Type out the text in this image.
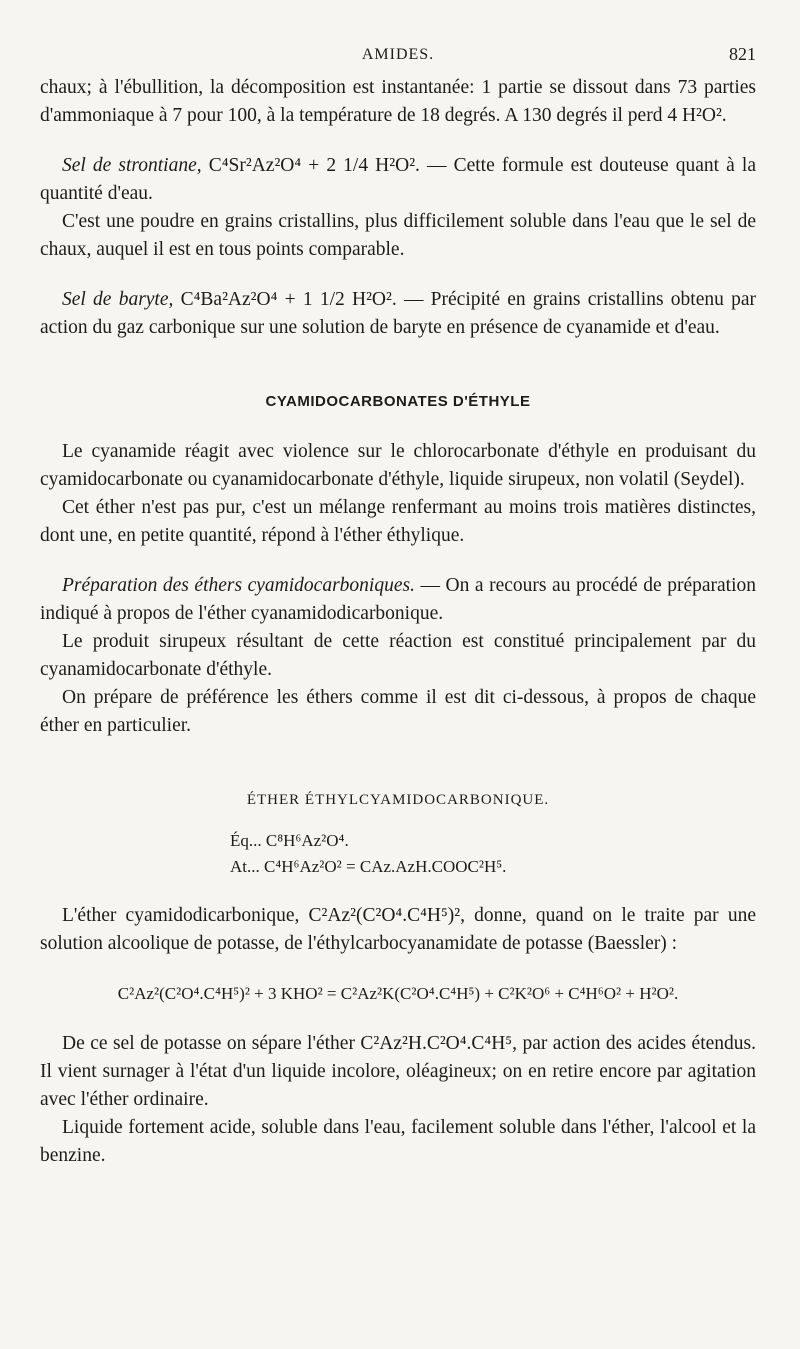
AMIDES.	821

chaux; à l'ébullition, la décomposition est instantanée: 1 partie se dissout dans 73 parties d'ammoniaque à 7 pour 100, à la température de 18 degrés. A 130 degrés il perd 4 H²O².

Sel de strontiane, C⁴Sr²Az²O⁴ + 2 1/4 H²O². — Cette formule est douteuse quant à la quantité d'eau.

C'est une poudre en grains cristallins, plus difficilement soluble dans l'eau que le sel de chaux, auquel il est en tous points comparable.

Sel de baryte, C⁴Ba²Az²O⁴ + 1 1/2 H²O². — Précipité en grains cristallins obtenu par action du gaz carbonique sur une solution de baryte en présence de cyanamide et d'eau.

CYAMIDOCARBONATES D'ÉTHYLE

Le cyanamide réagit avec violence sur le chlorocarbonate d'éthyle en produisant du cyamidocarbonate ou cyanamidocarbonate d'éthyle, liquide sirupeux, non volatil (Seydel).

Cet éther n'est pas pur, c'est un mélange renfermant au moins trois matières distinctes, dont une, en petite quantité, répond à l'éther éthylique.

Préparation des éthers cyamidocarboniques. — On a recours au procédé de préparation indiqué à propos de l'éther cyanamidodicarbonique.

Le produit sirupeux résultant de cette réaction est constitué principalement par du cyanamidocarbonate d'éthyle.

On prépare de préférence les éthers comme il est dit ci-dessous, à propos de chaque éther en particulier.

ÉTHER ÉTHYLCYAMIDOCARBONIQUE.

Éq... C⁸H⁶Az²O⁴.
At... C⁴H⁶Az²O² = CAz.AzH.COOC²H⁵.

L'éther cyamidodicarbonique, C²Az²(C²O⁴.C⁴H⁵)², donne, quand on le traite par une solution alcoolique de potasse, de l'éthylcarbocyanamidate de potasse (Baessler) :

C²Az²(C²O⁴.C⁴H⁵)² + 3 KHO² = C²Az²K(C²O⁴.C⁴H⁵) + C²K²O⁶ + C⁴H⁶O² + H²O².

De ce sel de potasse on sépare l'éther C²Az²H.C²O⁴.C⁴H⁵, par action des acides étendus. Il vient surnager à l'état d'un liquide incolore, oléagineux; on en retire encore par agitation avec l'éther ordinaire.

Liquide fortement acide, soluble dans l'eau, facilement soluble dans l'éther, l'alcool et la benzine.
